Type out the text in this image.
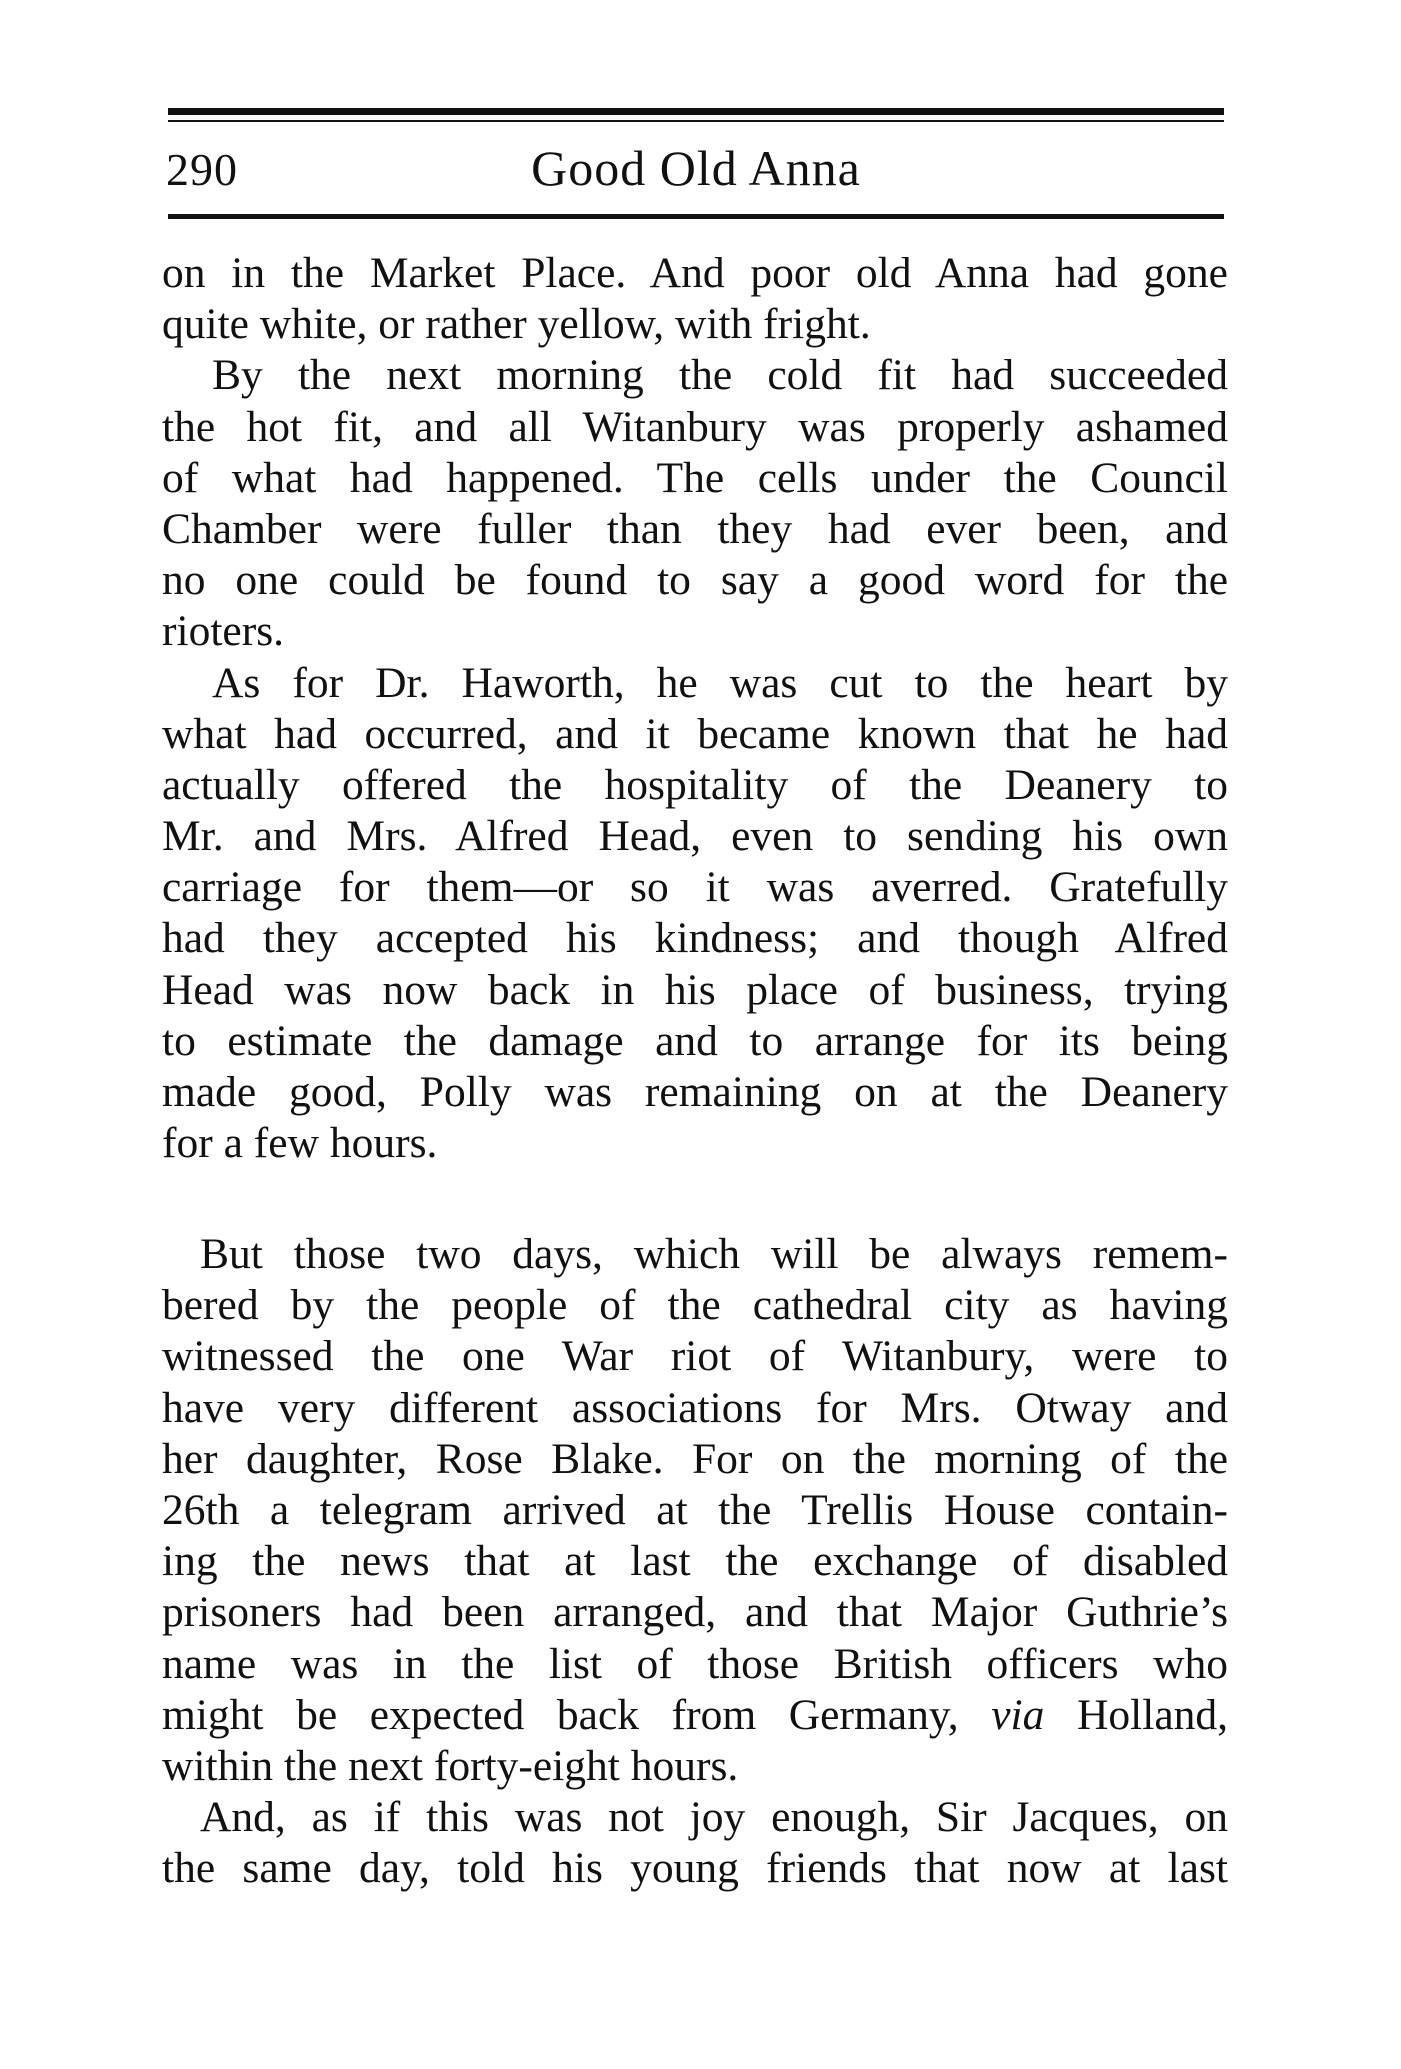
290	Good Old Anna
on in the Market Place. And poor old Anna had gone
quite white, or rather yellow, with fright.
By the next morning the cold fit had succeeded
the hot fit, and all Witanbury was properly ashamed
of what had happened. The cells under the Council
Chamber were fuller than they had ever been, and
no one could be found to say a good word for the
rioters.
As for Dr. Haworth, he was cut to the heart by
what had occurred, and it became known that he had
actually offered the hospitality of the Deanery to
Mr. and Mrs. Alfred Head, even to sending his own
carriage for them—or so it was averred. Gratefully
had they accepted his kindness; and though Alfred
Head was now back in his place of business, trying
to estimate the damage and to arrange for its being
made good, Polly was remaining on at the Deanery
for a few hours.
But those two days, which will be always remem-
bered by the people of the cathedral city as having
witnessed the one War riot of Witanbury, were to
have very different associations for Mrs. Otway and
her daughter, Rose Blake. For on the morning of the
26th a telegram arrived at the Trellis House contain-
ing the news that at last the exchange of disabled
prisoners had been arranged, and that Major Guthrie’s
name was in the list of those British officers who
might be expected back from Germany, via Holland,
within the next forty-eight hours.
And, as if this was not joy enough, Sir Jacques, on
the same day, told his young friends that now at last
